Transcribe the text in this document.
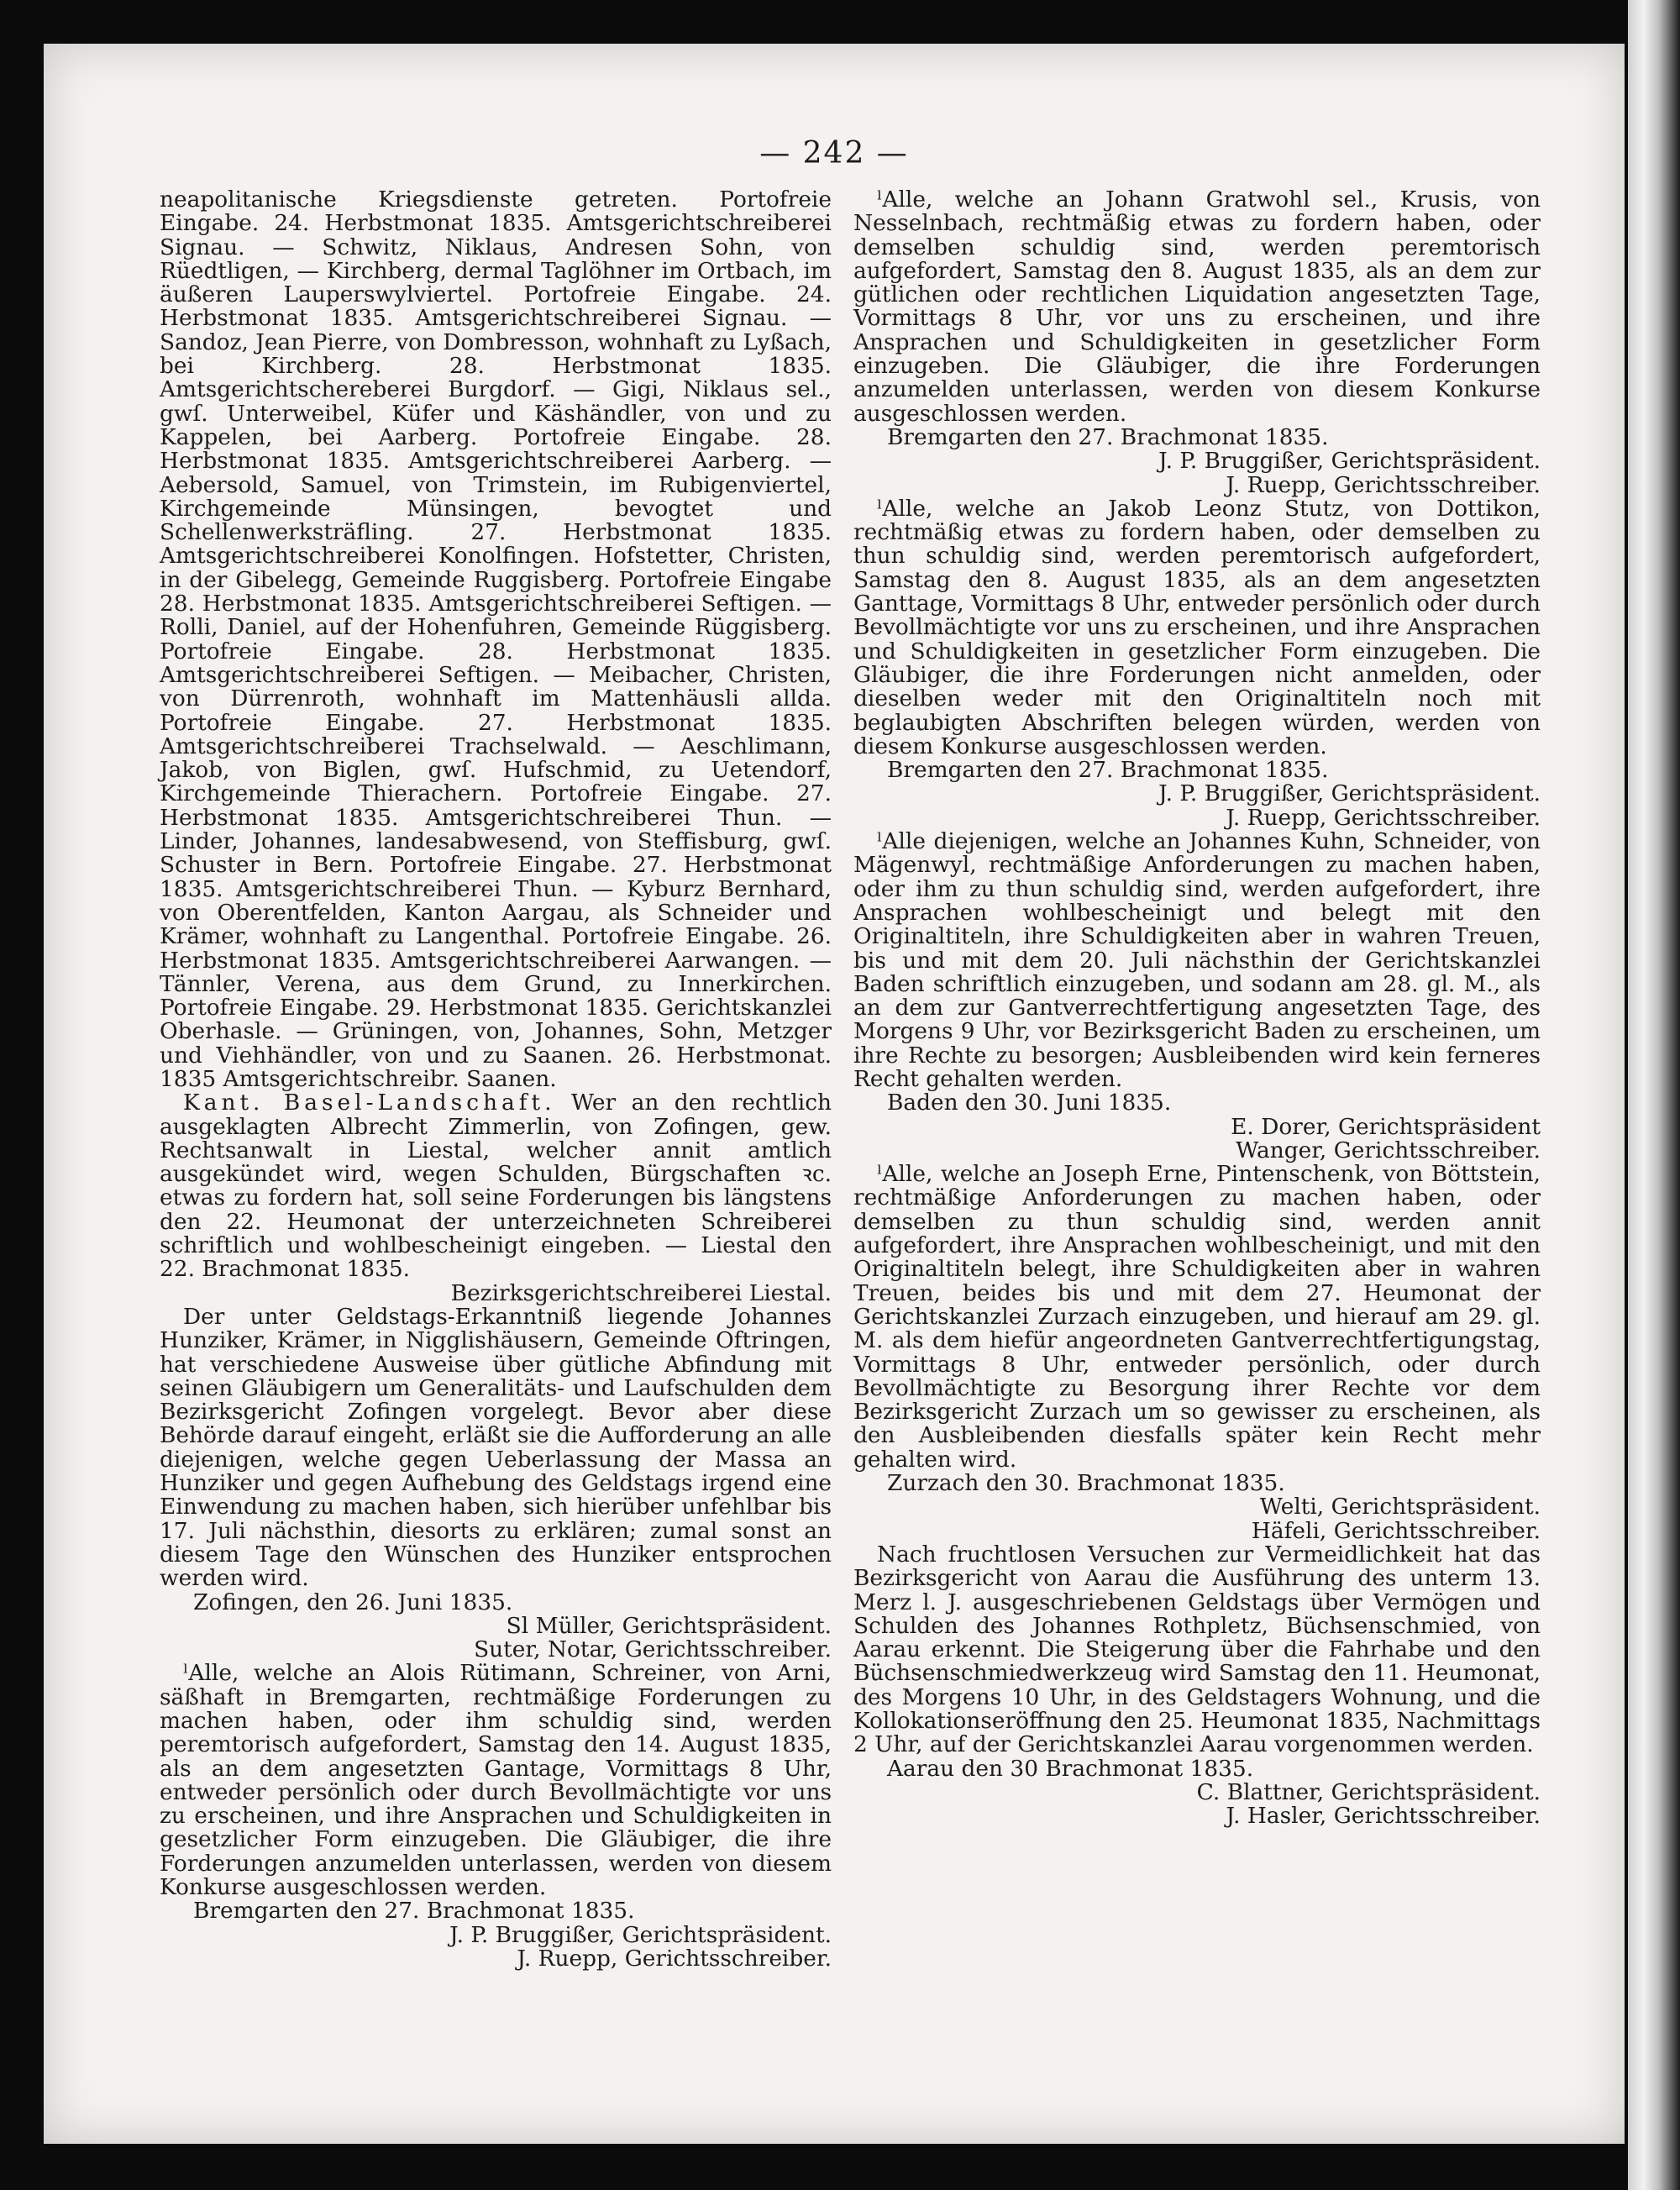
— 242 —

neapolitanische Kriegsdienste getreten. Portofreie Eingabe. 24. Herbstmonat 1835. Amtsgerichtschreiberei Signau. — Schwitz, Niklaus, Andresen Sohn, von Rüedtligen, — Kirchberg, dermal Taglöhner im Ortbach, im äußeren Lauperswylviertel. Portofreie Eingabe. 24. Herbstmonat 1835. Amtsgerichtschreiberei Signau. — Sandoz, Jean Pierre, von Dombresson, wohnhaft zu Lyßach, bei Kirchberg. 28. Herbstmonat 1835. Amtsgerichtschereberei Burgdorf. — Gigi, Niklaus sel., gwſ. Unterweibel, Küfer und Käshändler, von und zu Kappelen, bei Aarberg. Portofreie Eingabe. 28. Herbstmonat 1835. Amtsgerichtschreiberei Aarberg. — Aebersold, Samuel, von Trimstein, im Rubigenviertel, Kirchgemeinde Münsingen, bevogtet und Schellenwerksträfling. 27. Herbstmonat 1835. Amtsgerichtschreiberei Konolfingen. Hofstetter, Christen, in der Gibelegg, Gemeinde Ruggisberg. Portofreie Eingabe 28. Herbstmonat 1835. Amtsgerichtschreiberei Seftigen. — Rolli, Daniel, auf der Hohenfuhren, Gemeinde Rüggisberg. Portofreie Eingabe. 28. Herbstmonat 1835. Amtsgerichtschreiberei Seftigen. — Meibacher, Christen, von Dürrenroth, wohnhaft im Mattenhäusli allda. Portofreie Eingabe. 27. Herbstmonat 1835. Amtsgerichtschreiberei Trachselwald. — Aeschlimann, Jakob, von Biglen, gwſ. Hufschmid, zu Uetendorf, Kirchgemeinde Thierachern. Portofreie Eingabe. 27. Herbstmonat 1835. Amtsgerichtschreiberei Thun. — Linder, Johannes, landesabwesend, von Steffisburg, gwſ. Schuster in Bern. Portofreie Eingabe. 27. Herbstmonat 1835. Amtsgerichtschreiberei Thun. — Kyburz Bernhard, von Oberentfelden, Kanton Aargau, als Schneider und Krämer, wohnhaft zu Langenthal. Portofreie Eingabe. 26. Herbstmonat 1835. Amtsgerichtschreiberei Aarwangen. — Tännler, Verena, aus dem Grund, zu Innerkirchen. Portofreie Eingabe. 29. Herbstmonat 1835. Gerichtskanzlei Oberhasle. — Grüningen, von, Johannes, Sohn, Metzger und Viehhändler, von und zu Saanen. 26. Herbstmonat. 1835 Amtsgerichtschreibr. Saanen.

Kant. Basel-Landschaft. Wer an den rechtlich ausgeklagten Albrecht Zimmerlin, von Zofingen, gew. Rechtsanwalt in Liestal, welcher annit amtlich ausgekündet wird, wegen Schulden, Bürgschaften ꝛc. etwas zu fordern hat, soll seine Forderungen bis längstens den 22. Heumonat der unterzeichneten Schreiberei schriftlich und wohlbescheinigt eingeben. — Liestal den 22. Brachmonat 1835.

Bezirksgerichtschreiberei Liestal.

Der unter Geldstags-Erkanntniß liegende Johannes Hunziker, Krämer, in Nigglishäusern, Gemeinde Oftringen, hat verschiedene Ausweise über gütliche Abfindung mit seinen Gläubigern um Generalitäts- und Laufschulden dem Bezirksgericht Zofingen vorgelegt. Bevor aber diese Behörde darauf eingeht, erläßt sie die Aufforderung an alle diejenigen, welche gegen Ueberlassung der Massa an Hunziker und gegen Aufhebung des Geldstags irgend eine Einwendung zu machen haben, sich hierüber unfehlbar bis 17. Juli nächsthin, diesorts zu erklären; zumal sonst an diesem Tage den Wünschen des Hunziker entsprochen werden wird.

Zofingen, den 26. Juni 1835.

Sl Müller, Gerichtspräsident.

Suter, Notar, Gerichtsschreiber.

ˡAlle, welche an Alois Rütimann, Schreiner, von Arni, säßhaft in Bremgarten, rechtmäßige Forderungen zu machen haben, oder ihm schuldig sind, werden peremtorisch aufgefordert, Samstag den 14. August 1835, als an dem angesetzten Gantage, Vormittags 8 Uhr, entweder persönlich oder durch Bevollmächtigte vor uns zu erscheinen, und ihre Ansprachen und Schuldigkeiten in gesetzlicher Form einzugeben. Die Gläubiger, die ihre Forderungen anzumelden unterlassen, werden von diesem Konkurse ausgeschlossen werden.

Bremgarten den 27. Brachmonat 1835.

J. P. Bruggißer, Gerichtspräsident.

J. Ruepp, Gerichtsschreiber.

ˡAlle, welche an Johann Gratwohl sel., Krusis, von Nesselnbach, rechtmäßig etwas zu fordern haben, oder demselben schuldig sind, werden peremtorisch aufgefordert, Samstag den 8. August 1835, als an dem zur gütlichen oder rechtlichen Liquidation angesetzten Tage, Vormittags 8 Uhr, vor uns zu erscheinen, und ihre Ansprachen und Schuldigkeiten in gesetzlicher Form einzugeben. Die Gläubiger, die ihre Forderungen anzumelden unterlassen, werden von diesem Konkurse ausgeschlossen werden.

Bremgarten den 27. Brachmonat 1835.

J. P. Bruggißer, Gerichtspräsident.

J. Ruepp, Gerichtsschreiber.

ˡAlle, welche an Jakob Leonz Stutz, von Dottikon, rechtmäßig etwas zu fordern haben, oder demselben zu thun schuldig sind, werden peremtorisch aufgefordert, Samstag den 8. August 1835, als an dem angesetzten Ganttage, Vormittags 8 Uhr, entweder persönlich oder durch Bevollmächtigte vor uns zu erscheinen, und ihre Ansprachen und Schuldigkeiten in gesetzlicher Form einzugeben. Die Gläubiger, die ihre Forderungen nicht anmelden, oder dieselben weder mit den Originaltiteln noch mit beglaubigten Abschriften belegen würden, werden von diesem Konkurse ausgeschlossen werden.

Bremgarten den 27. Brachmonat 1835.

J. P. Bruggißer, Gerichtspräsident.

J. Ruepp, Gerichtsschreiber.

ˡAlle diejenigen, welche an Johannes Kuhn, Schneider, von Mägenwyl, rechtmäßige Anforderungen zu machen haben, oder ihm zu thun schuldig sind, werden aufgefordert, ihre Ansprachen wohlbescheinigt und belegt mit den Originaltiteln, ihre Schuldigkeiten aber in wahren Treuen, bis und mit dem 20. Juli nächsthin der Gerichtskanzlei Baden schriftlich einzugeben, und sodann am 28. gl. M., als an dem zur Gantverrechtfertigung angesetzten Tage, des Morgens 9 Uhr, vor Bezirksgericht Baden zu erscheinen, um ihre Rechte zu besorgen; Ausbleibenden wird kein ferneres Recht gehalten werden.

Baden den 30. Juni 1835.

E. Dorer, Gerichtspräsident

Wanger, Gerichtsschreiber.

ˡAlle, welche an Joseph Erne, Pintenschenk, von Böttstein, rechtmäßige Anforderungen zu machen haben, oder demselben zu thun schuldig sind, werden annit aufgefordert, ihre Ansprachen wohlbescheinigt, und mit den Originaltiteln belegt, ihre Schuldigkeiten aber in wahren Treuen, beides bis und mit dem 27. Heumonat der Gerichtskanzlei Zurzach einzugeben, und hierauf am 29. gl. M. als dem hiefür angeordneten Gantverrechtfertigungstag, Vormittags 8 Uhr, entweder persönlich, oder durch Bevollmächtigte zu Besorgung ihrer Rechte vor dem Bezirksgericht Zurzach um so gewisser zu erscheinen, als den Ausbleibenden diesfalls später kein Recht mehr gehalten wird.

Zurzach den 30. Brachmonat 1835.

Welti, Gerichtspräsident.

Häfeli, Gerichtsschreiber.

Nach fruchtlosen Versuchen zur Vermeidlichkeit hat das Bezirksgericht von Aarau die Ausführung des unterm 13. Merz l. J. ausgeschriebenen Geldstags über Vermögen und Schulden des Johannes Rothpletz, Büchsenschmied, von Aarau erkennt. Die Steigerung über die Fahrhabe und den Büchsenschmiedwerkzeug wird Samstag den 11. Heumonat, des Morgens 10 Uhr, in des Geldstagers Wohnung, und die Kollokationseröffnung den 25. Heumonat 1835, Nachmittags 2 Uhr, auf der Gerichtskanzlei Aarau vorgenommen werden.

Aarau den 30 Brachmonat 1835.

C. Blattner, Gerichtspräsident.

J. Hasler, Gerichtsschreiber.
